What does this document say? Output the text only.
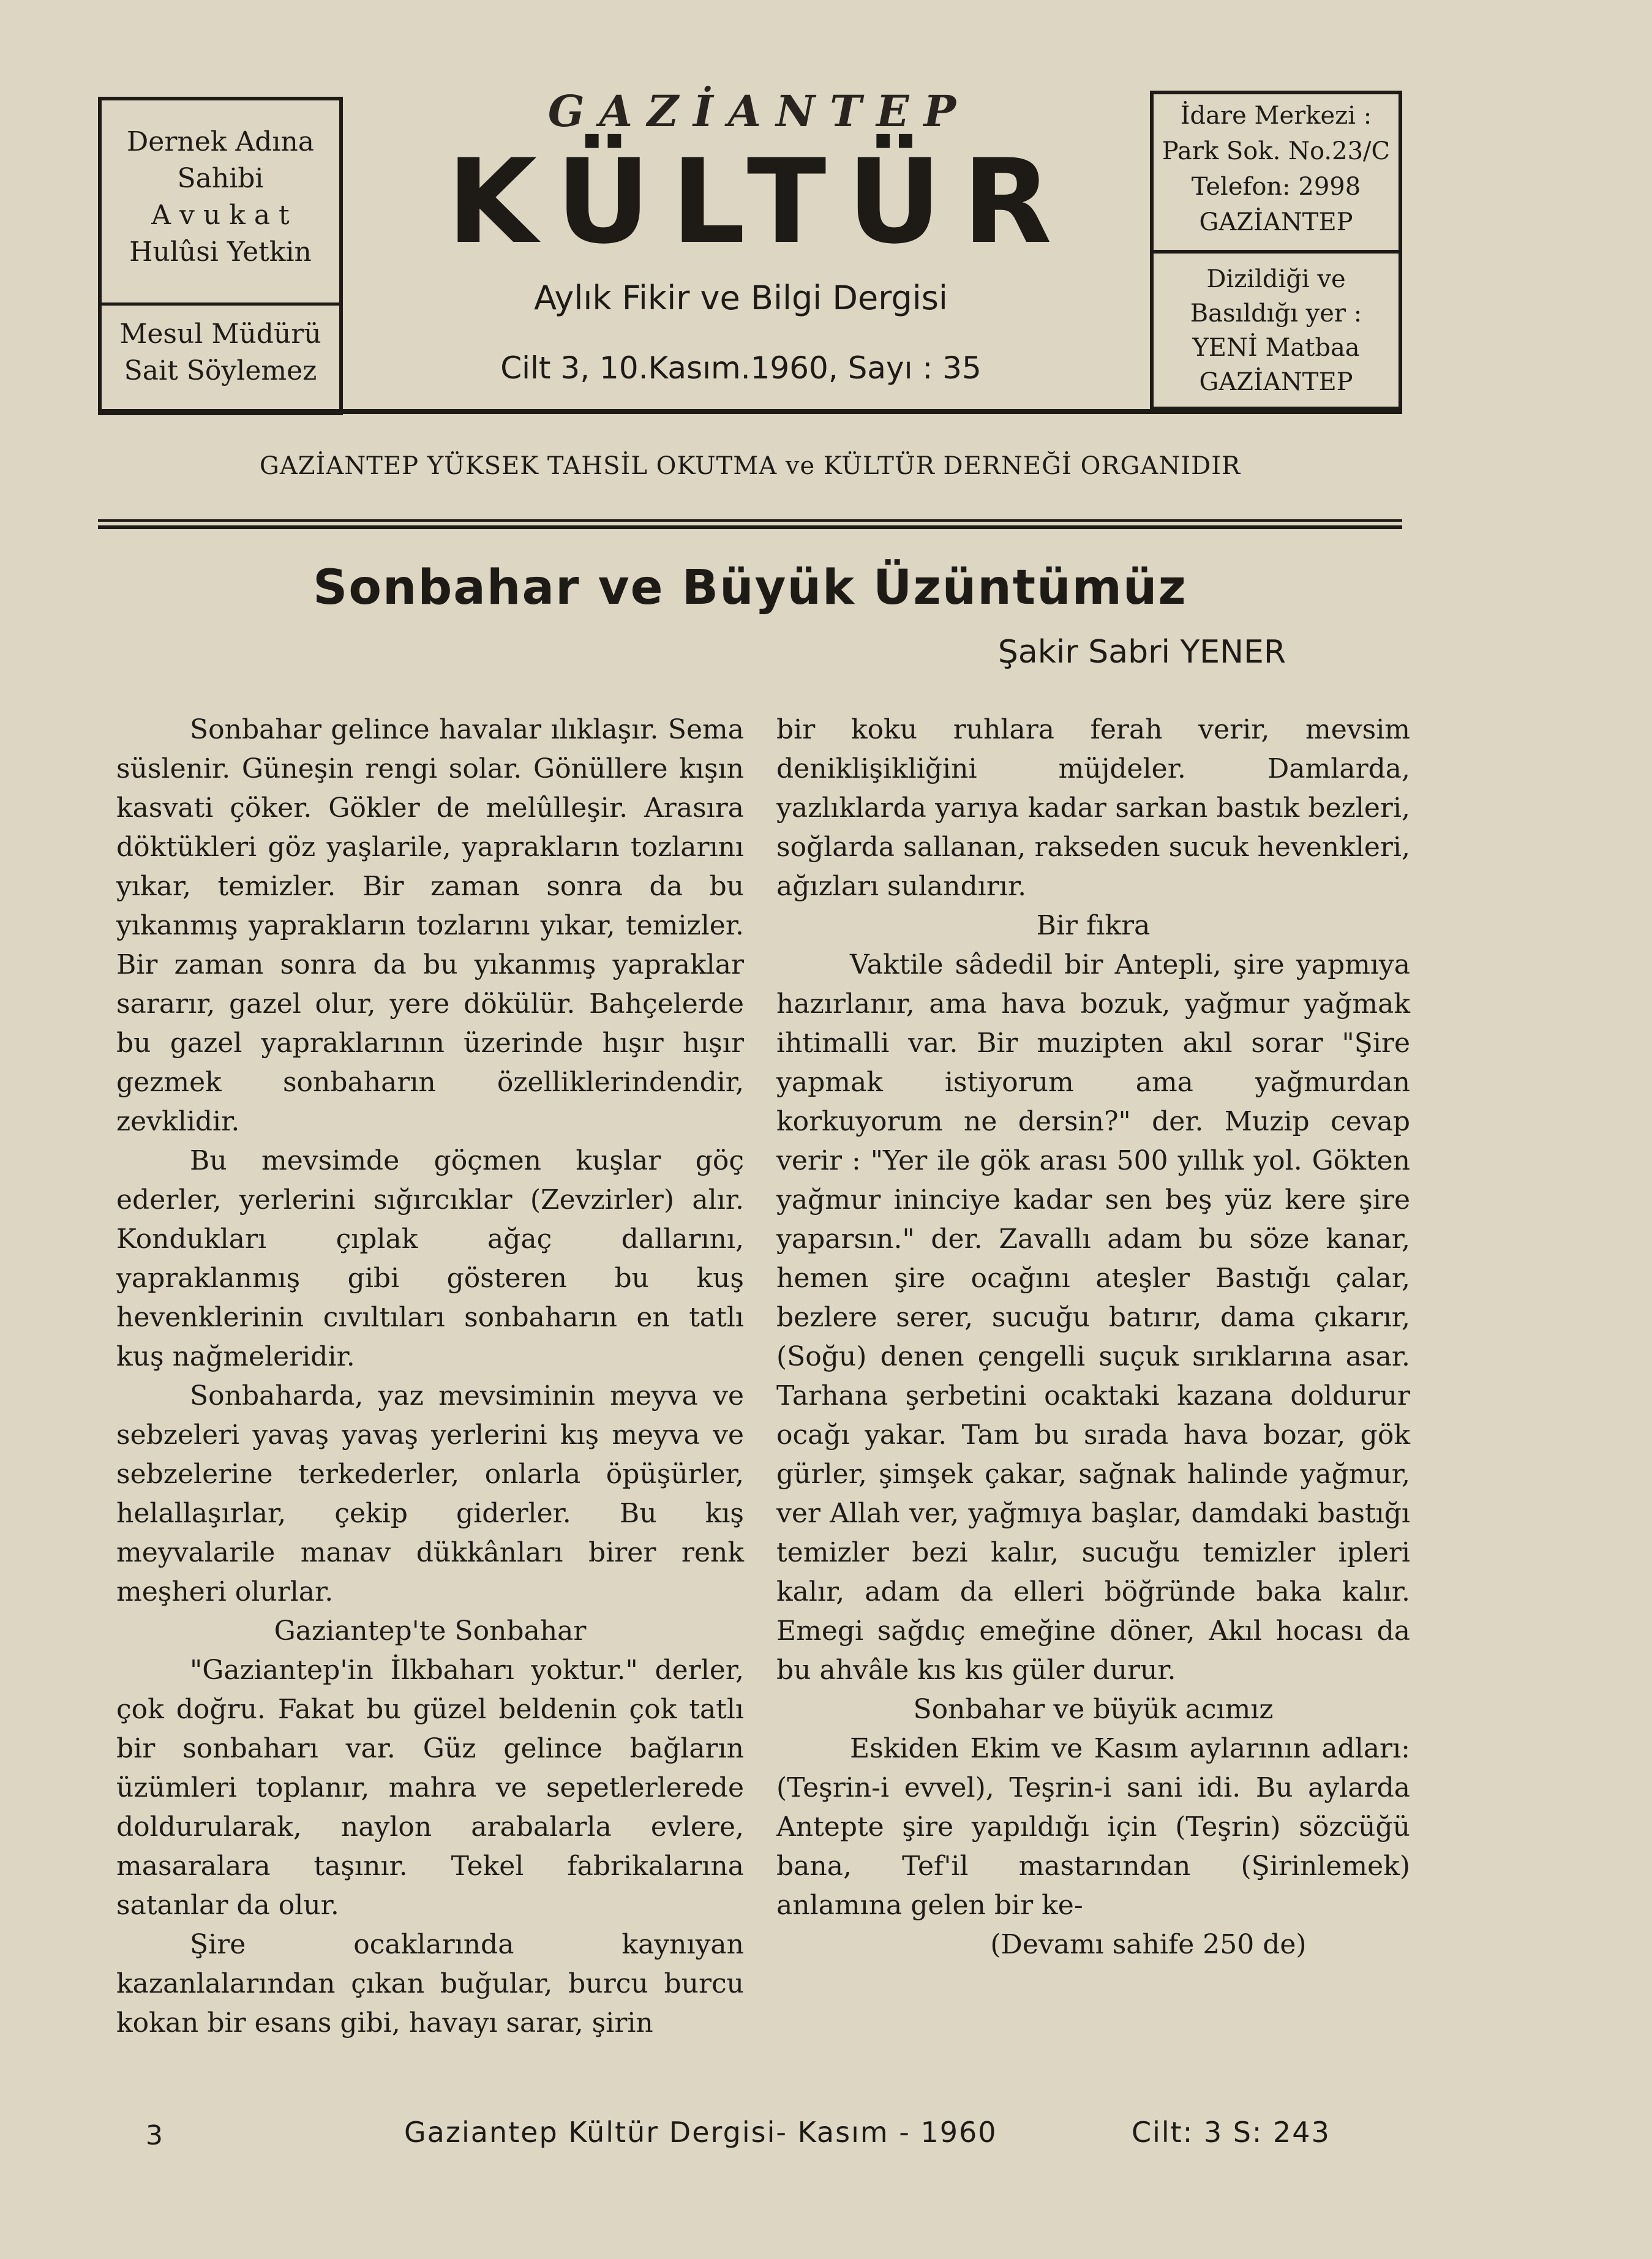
Dernek Adına
Sahibi
A v u k a t
Hulûsi Yetkin
Mesul Müdürü
Sait Söylemez
GAZİANTEP
KÜLTÜR
Aylık Fikir ve Bilgi Dergisi
Cilt 3, 10.Kasım.1960, Sayı : 35
İdare Merkezi :
Park Sok. No.23/C
Telefon: 2998
GAZİANTEP
Dizildiği ve
Basıldığı yer :
YENİ Matbaa
GAZİANTEP
GAZİANTEP YÜKSEK TAHSİL OKUTMA ve KÜLTÜR DERNEĞİ ORGANIDIR
Sonbahar ve Büyük Üzüntümüz
Şakir Sabri YENER

Sonbahar gelince havalar ılıklaşır. Sema süslenir. Güneşin rengi solar. Gönüllere kışın kasvati çöker. Gökler de melûlleşir. Arasıra döktükleri göz yaşlarile, yaprakların tozlarını yıkar, temizler. Bir zaman sonra da bu yıkanmış yaprakların tozlarını yıkar, temizler. Bir zaman sonra da bu yıkanmış yapraklar sararır, gazel olur, yere dökülür. Bahçelerde bu gazel yapraklarının üzerinde hışır hışır gezmek sonbaharın özelliklerindendir, zevklidir.

Bu mevsimde göçmen kuşlar göç ederler, yerlerini sığırcıklar (Zevzirler) alır. Kondukları çıplak ağaç dallarını, yapraklanmış gibi gösteren bu kuş hevenklerinin cıvıltıları sonbaharın en tatlı kuş nağmeleridir.

Sonbaharda, yaz mevsiminin meyva ve sebzeleri yavaş yavaş yerlerini kış meyva ve sebzelerine terkederler, onlarla öpüşürler, helallaşırlar, çekip giderler. Bu kış meyvalarile manav dükkânları birer renk meşheri olurlar.

Gaziantep'te Sonbahar

"Gaziantep'in İlkbaharı yoktur." derler, çok doğru. Fakat bu güzel beldenin çok tatlı bir sonbaharı var. Güz gelince bağların üzümleri toplanır, mahra ve sepetlerlerede doldurularak, naylon arabalarla evlere, masaralara taşınır. Tekel fabrikalarına satanlar da olur.

Şire ocaklarında kaynıyan kazanlalarından çıkan buğular, burcu burcu kokan bir esans gibi, havayı sarar, şirin

bir koku ruhlara ferah verir, mevsim deniklişikliğini müjdeler. Damlarda, yazlıklarda yarıya kadar sarkan bastık bezleri, soğlarda sallanan, rakseden sucuk hevenkleri, ağızları sulandırır.

Bir fıkra

Vaktile sâdedil bir Antepli, şire yapmıya hazırlanır, ama hava bozuk, yağmur yağmak ihtimalli var. Bir muzipten akıl sorar "Şire yapmak istiyorum ama yağmurdan korkuyorum ne dersin?" der. Muzip cevap verir : "Yer ile gök arası 500 yıllık yol. Gökten yağmur ininciye kadar sen beş yüz kere şire yaparsın." der. Zavallı adam bu söze kanar, hemen şire ocağını ateşler Bastığı çalar, bezlere serer, sucuğu batırır, dama çıkarır, (Soğu) denen çengelli suçuk sırıklarına asar. Tarhana şerbetini ocaktaki kazana doldurur ocağı yakar. Tam bu sırada hava bozar, gök gürler, şimşek çakar, sağnak halinde yağmur, ver Allah ver, yağmıya başlar, damdaki bastığı temizler bezi kalır, sucuğu temizler ipleri kalır, adam da elleri böğründe baka kalır. Emegi sağdıç emeğine döner, Akıl hocası da bu ahvâle kıs kıs güler durur.

Sonbahar ve büyük acımız

Eskiden Ekim ve Kasım aylarının adları: (Teşrin-i evvel), Teşrin-i sani idi. Bu aylarda Antepte şire yapıldığı için (Teşrin) sözcüğü bana, Tef'il mastarından (Şirinlemek) anlamına gelen bir ke-

(Devamı sahife 250 de)

3	Gaziantep Kültür Dergisi- Kasım - 1960	Cilt: 3 S: 243
